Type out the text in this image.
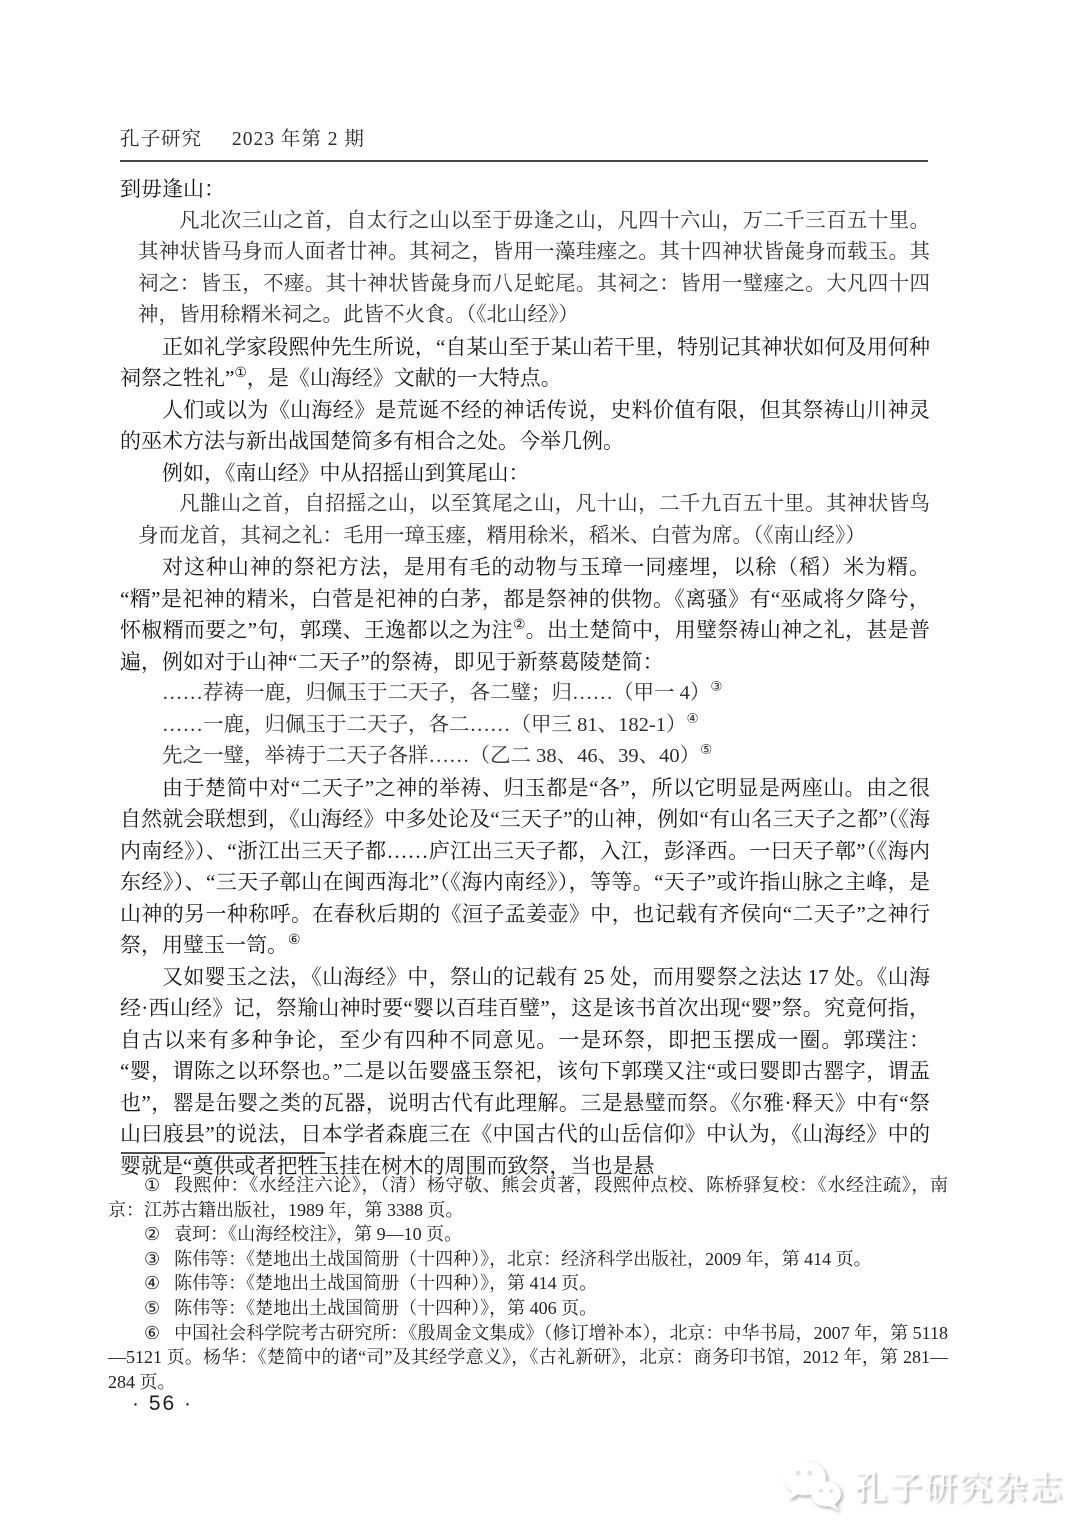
孔子研究 2023 年第 2 期

到毋逢山：

凡北次三山之首，自太行之山以至于毋逢之山，凡四十六山，万二千三百五十里。其神状皆马身而人面者廿神。其祠之，皆用一藻珪瘗之。其十四神状皆彘身而载玉。其祠之：皆玉，不瘗。其十神状皆彘身而八足蛇尾。其祠之：皆用一璧瘗之。大凡四十四神，皆用稌糈米祠之。此皆不火食。（《北山经》）

正如礼学家段熙仲先生所说，“自某山至于某山若干里，特别记其神状如何及用何种祠祭之牲礼”①，是《山海经》文献的一大特点。

人们或以为《山海经》是荒诞不经的神话传说，史料价值有限，但其祭祷山川神灵的巫术方法与新出战国楚简多有相合之处。今举几例。

例如，《南山经》中从招摇山到箕尾山：

凡䧿山之首，自招摇之山，以至箕尾之山，凡十山，二千九百五十里。其神状皆鸟身而龙首，其祠之礼：毛用一璋玉瘗，糈用稌米，稻米、白菅为席。（《南山经》）

对这种山神的祭祀方法，是用有毛的动物与玉璋一同瘗埋，以稌（稻）米为糈。“糈”是祀神的精米，白菅是祀神的白茅，都是祭神的供物。《离骚》有“巫咸将夕降兮，怀椒糈而要之”句，郭璞、王逸都以之为注②。出土楚简中，用璧祭祷山神之礼，甚是普遍，例如对于山神“二天子”的祭祷，即见于新蔡葛陵楚简：

……荐祷一鹿，归佩玉于二天子，各二璧；归……（甲一 4）③

……一鹿，归佩玉于二天子，各二……（甲三 81、182-1）④

先之一璧，举祷于二天子各牂……（乙二 38、46、39、40）⑤

由于楚简中对“二天子”之神的举祷、归玉都是“各”，所以它明显是两座山。由之很自然就会联想到，《山海经》中多处论及“三天子”的山神，例如“有山名三天子之都”（《海内南经》）、“浙江出三天子都……庐江出三天子都，入江，彭泽西。一曰天子鄣”（《海内东经》）、“三天子鄣山在闽西海北”（《海内南经》），等等。“天子”或许指山脉之主峰，是山神的另一种称呼。在春秋后期的《洹子孟姜壶》中，也记载有齐侯向“二天子”之神行祭，用璧玉一笥。⑥

又如婴玉之法，《山海经》中，祭山的记载有 25 处，而用婴祭之法达 17 处。《山海经·西山经》记，祭羭山神时要“婴以百珪百璧”，这是该书首次出现“婴”祭。究竟何指，自古以来有多种争论，至少有四种不同意见。一是环祭，即把玉摆成一圈。郭璞注：“婴，谓陈之以环祭也。”二是以缶婴盛玉祭祀，该句下郭璞又注“或曰婴即古罂字，谓盂也”，罂是缶婴之类的瓦器，说明古代有此理解。三是悬璧而祭。《尔雅·释天》中有“祭山曰庪县”的说法，日本学者森鹿三在《中国古代的山岳信仰》中认为，《山海经》中的婴就是“奠供或者把牲玉挂在树木的周围而致祭，当也是悬

① 段熙仲：《水经注六论》，（清）杨守敬、熊会贞著，段熙仲点校、陈桥驿复校：《水经注疏》，南京：江苏古籍出版社，1989 年，第 3388 页。

② 袁珂：《山海经校注》，第 9—10 页。

③ 陈伟等：《楚地出土战国简册（十四种）》，北京：经济科学出版社，2009 年，第 414 页。

④ 陈伟等：《楚地出土战国简册（十四种）》，第 414 页。

⑤ 陈伟等：《楚地出土战国简册（十四种）》，第 406 页。

⑥ 中国社会科学院考古研究所：《殷周金文集成》（修订增补本），北京：中华书局，2007 年，第 5118—5121 页。杨华：《楚简中的诸“司”及其经学意义》，《古礼新研》，北京：商务印书馆，2012 年，第 281—284 页。

· 56 ·
孔子研究杂志
